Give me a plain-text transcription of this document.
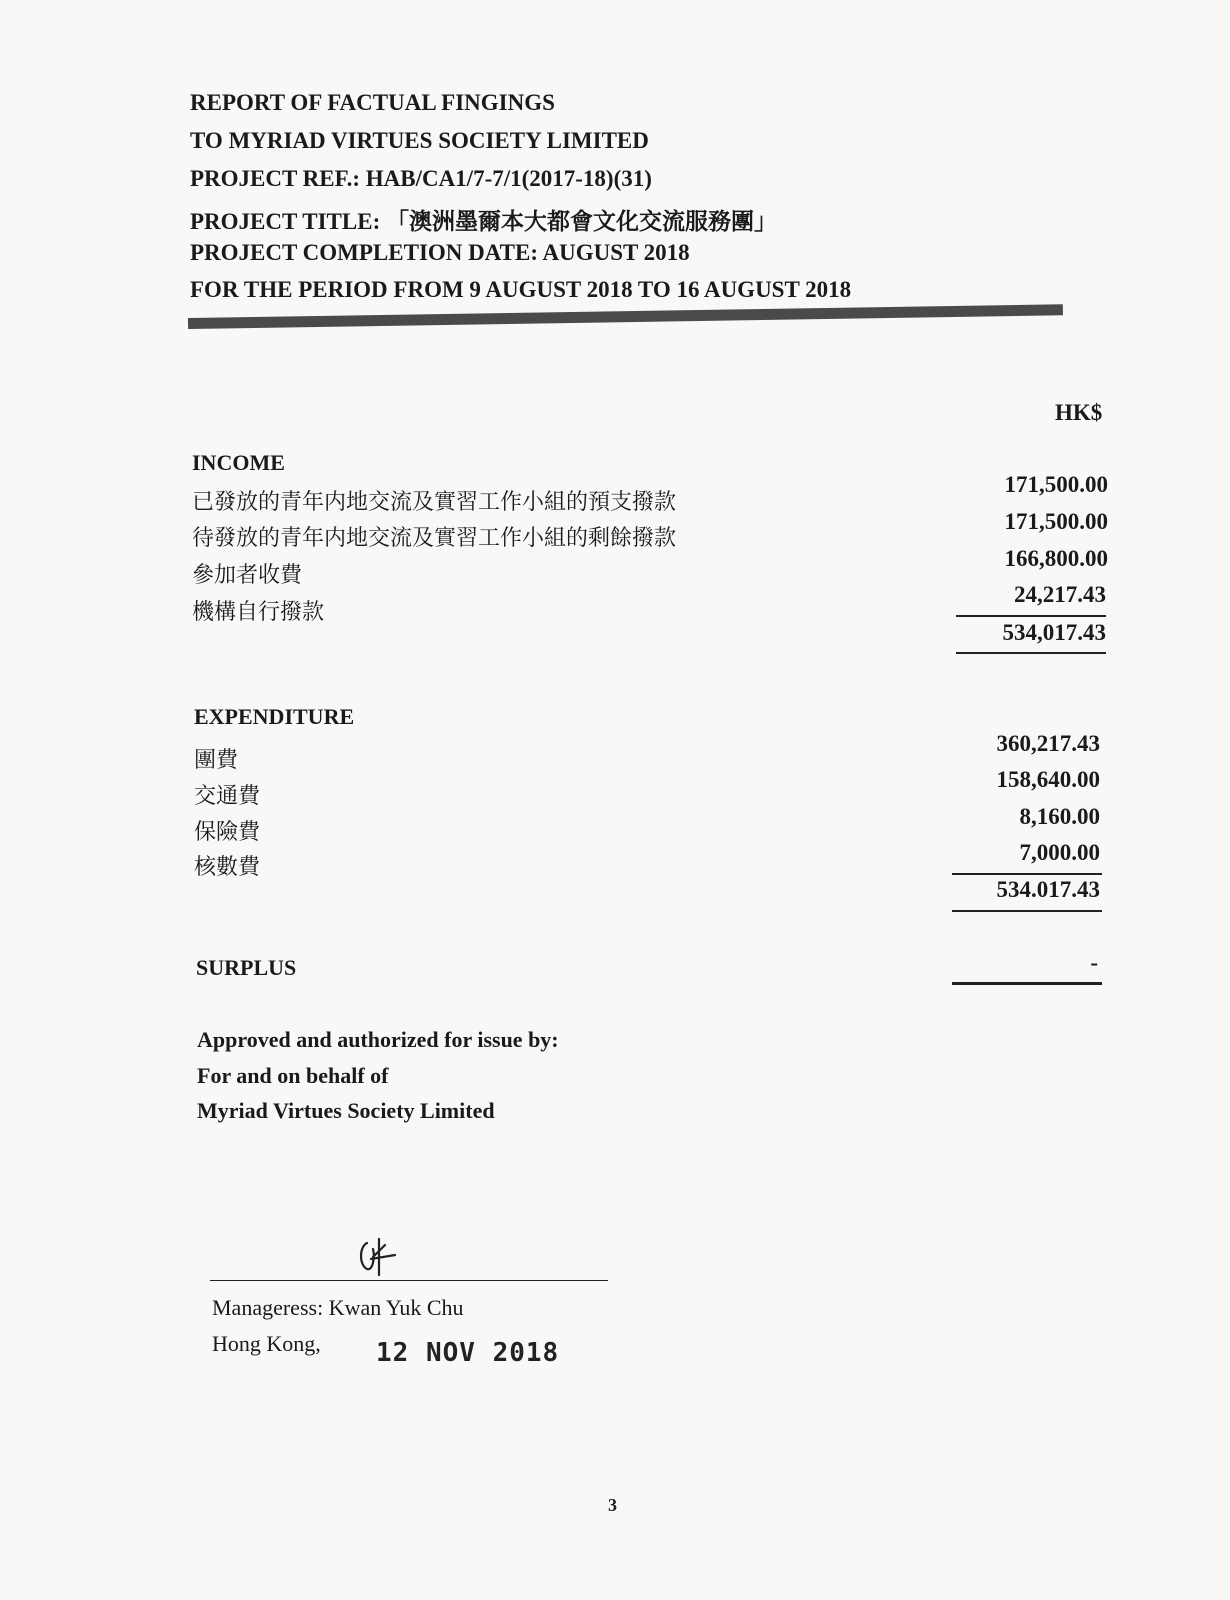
REPORT OF FACTUAL FINGINGS
TO MYRIAD VIRTUES SOCIETY LIMITED
PROJECT REF.: HAB/CA1/7-7/1(2017-18)(31)
PROJECT TITLE: 「澳洲墨爾本大都會文化交流服務團」
PROJECT COMPLETION DATE: AUGUST 2018
FOR THE PERIOD FROM 9 AUGUST 2018 TO 16 AUGUST 2018
HK$
INCOME
已發放的青年内地交流及實習工作小組的預支撥款
171,500.00
待發放的青年内地交流及實習工作小組的剩餘撥款
171,500.00
參加者收費
166,800.00
機構自行撥款
24,217.43
534,017.43
EXPENDITURE
團費
360,217.43
交通費
158,640.00
保險費
8,160.00
核數費
7,000.00
534.017.43
SURPLUS	-
Approved and authorized for issue by:
For and on behalf of
Myriad Virtues Society Limited
Manageress: Kwan Yuk Chu
Hong Kong, 12 NOV 2018
3
